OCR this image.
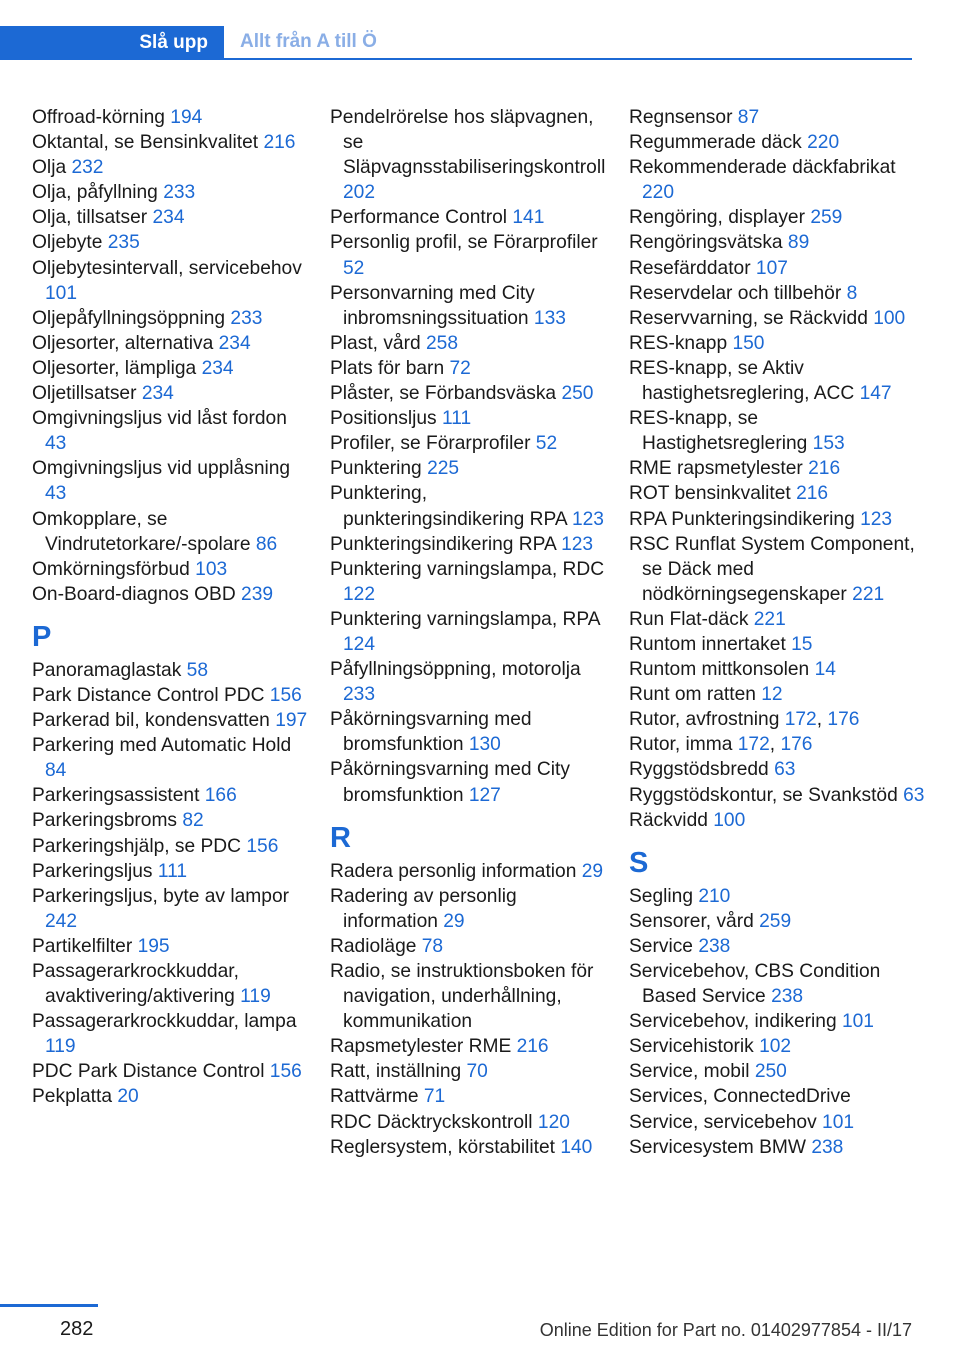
Slå upp	Allt från A till Ö
Offroad-körning 194
Oktantal, se Bensinkvalitet 216
Olja 232
Olja, påfyllning 233
Olja, tillsatser 234
Oljebyte 235
Oljebytesintervall, servicebehov 101
Oljepåfyllningsöppning 233
Oljesorter, alternativa 234
Oljesorter, lämpliga 234
Oljetillsatser 234
Omgivningsljus vid låst fordon 43
Omgivningsljus vid upplåsning 43
Omkopplare, se Vindrutetorkare/-spolare 86
Omkörningsförbud 103
On-Board-diagnos OBD 239
P
Panoramaglastak 58
Park Distance Control PDC 156
Parkerad bil, kondensvatten 197
Parkering med Automatic Hold 84
Parkeringsassistent 166
Parkeringsbroms 82
Parkeringshjälp, se PDC 156
Parkeringsljus 111
Parkeringsljus, byte av lampor 242
Partikelfilter 195
Passagerarkrockkuddar, avaktivering/aktivering 119
Passagerarkrockkuddar, lampa 119
PDC Park Distance Control 156
Pekplatta 20
Pendelrörelse hos släpvagnen, se Släpvagnsstabiliseringskontroll 202
Performance Control 141
Personlig profil, se Förarprofiler 52
Personvarning med City inbromsningssituation 133
Plast, vård 258
Plats för barn 72
Plåster, se Förbandsväska 250
Positionsljus 111
Profiler, se Förarprofiler 52
Punktering 225
Punktering, punkteringsindikering RPA 123
Punkteringsindikering RPA 123
Punktering varningslampa, RDC 122
Punktering varningslampa, RPA 124
Påfyllningsöppning, motorolja 233
Påkörningsvarning med bromsfunktion 130
Påkörningsvarning med City bromsfunktion 127
R
Radera personlig information 29
Radering av personlig information 29
Radioläge 78
Radio, se instruktionsboken för navigation, underhållning, kommunikation
Rapsmetylester RME 216
Ratt, inställning 70
Rattvärme 71
RDC Däcktryckskontroll 120
Reglersystem, körstabilitet 140
Regnsensor 87
Regummerade däck 220
Rekommenderade däckfabrikat 220
Rengöring, displayer 259
Rengöringsvätska 89
Resefärddator 107
Reservdelar och tillbehör 8
Reservvarning, se Räckvidd 100
RES-knapp 150
RES-knapp, se Aktiv hastighetsreglering, ACC 147
RES-knapp, se Hastighetsreglering 153
RME rapsmetylester 216
ROT bensinkvalitet 216
RPA Punkteringsindikering 123
RSC Runflat System Component, se Däck med nödkörningsegenskaper 221
Run Flat-däck 221
Runtom innertaket 15
Runtom mittkonsolen 14
Runt om ratten 12
Rutor, avfrostning 172, 176
Rutor, imma 172, 176
Ryggstödsbredd 63
Ryggstödskontur, se Svankstöd 63
Räckvidd 100
S
Segling 210
Sensorer, vård 259
Service 238
Servicebehov, CBS Condition Based Service 238
Servicebehov, indikering 101
Servicehistorik 102
Service, mobil 250
Services, ConnectedDrive
Service, servicebehov 101
Servicesystem BMW 238
282	Online Edition for Part no. 01402977854 - II/17
